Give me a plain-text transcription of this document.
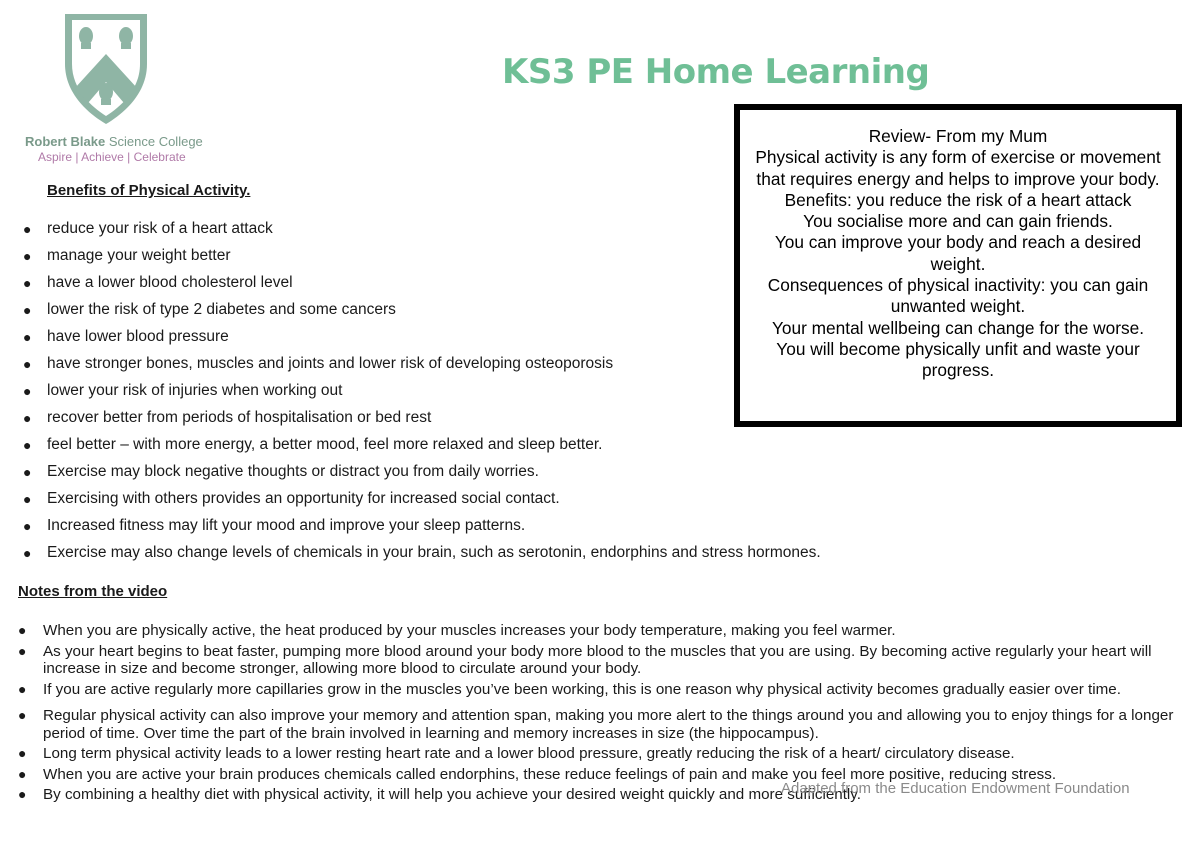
Robert Blake Science College
Aspire | Achieve | Celebrate
KS3 PE Home Learning
Review- From my Mum
Physical activity is any form of exercise or movement that requires energy and helps to improve your body.
Benefits: you reduce the risk of a heart attack
You socialise more and can gain friends.
You can improve your body and reach a desired weight.
Consequences of physical inactivity: you can gain unwanted weight.
Your mental wellbeing can change for the worse.
You will become physically unfit and waste your progress.
Benefits of Physical Activity.
● reduce your risk of a heart attack
● manage your weight better
● have a lower blood cholesterol level
● lower the risk of type 2 diabetes and some cancers
● have lower blood pressure
● have stronger bones, muscles and joints and lower risk of developing osteoporosis
● lower your risk of injuries when working out
● recover better from periods of hospitalisation or bed rest
● feel better – with more energy, a better mood, feel more relaxed and sleep better.
● Exercise may block negative thoughts or distract you from daily worries.
● Exercising with others provides an opportunity for increased social contact.
● Increased fitness may lift your mood and improve your sleep patterns.
● Exercise may also change levels of chemicals in your brain, such as serotonin, endorphins and stress hormones.
Notes from the video
● When you are physically active, the heat produced by your muscles increases your body temperature, making you feel warmer.
● As your heart begins to beat faster, pumping more blood around your body more blood to the muscles that you are using. By becoming active regularly your heart will increase in size and become stronger, allowing more blood to circulate around your body.
● If you are active regularly more capillaries grow in the muscles you’ve been working, this is one reason why physical activity becomes gradually easier over time.
● Regular physical activity can also improve your memory and attention span, making you more alert to the things around you and allowing you to enjoy things for a longer period of time. Over time the part of the brain involved in learning and memory increases in size (the hippocampus).
● Long term physical activity leads to a lower resting heart rate and a lower blood pressure, greatly reducing the risk of a heart/ circulatory disease.
● When you are active your brain produces chemicals called endorphins, these reduce feelings of pain and make you feel more positive, reducing stress.
● By combining a healthy diet with physical activity, it will help you achieve your desired weight quickly and more sufficiently.
Adapted from the Education Endowment Foundation
